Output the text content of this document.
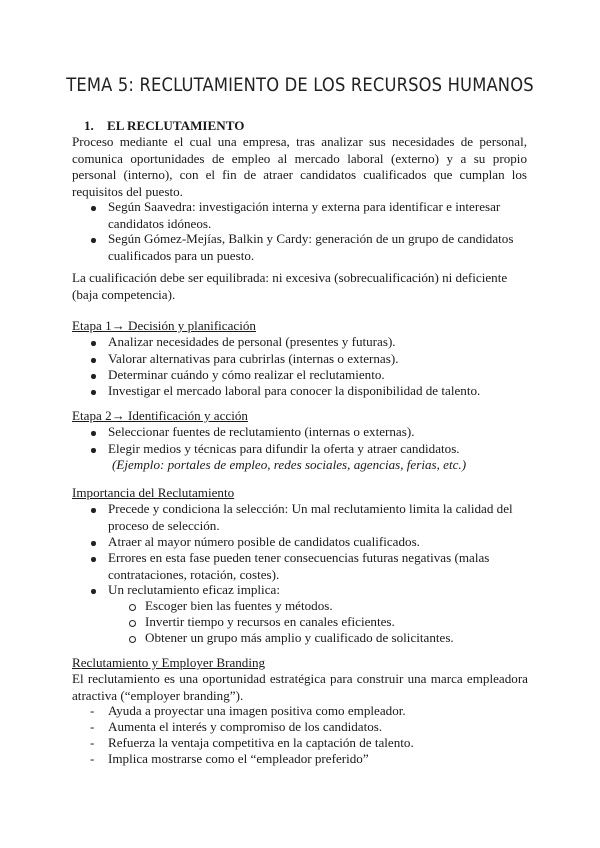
TEMA 5: RECLUTAMIENTO DE LOS RECURSOS HUMANOS
1. EL RECLUTAMIENTO
Proceso mediante el cual una empresa, tras analizar sus necesidades de personal, comunica oportunidades de empleo al mercado laboral (externo) y a su propio personal (interno), con el fin de atraer candidatos cualificados que cumplan los requisitos del puesto.
Según Saavedra: investigación interna y externa para identificar e interesar candidatos idóneos.
Según Gómez-Mejías, Balkin y Cardy: generación de un grupo de candidatos cualificados para un puesto.
La cualificación debe ser equilibrada: ni excesiva (sobrecualificación) ni deficiente (baja competencia).
Etapa 1→ Decisión y planificación
Analizar necesidades de personal (presentes y futuras).
Valorar alternativas para cubrirlas (internas o externas).
Determinar cuándo y cómo realizar el reclutamiento.
Investigar el mercado laboral para conocer la disponibilidad de talento.
Etapa 2→ Identificación y acción
Seleccionar fuentes de reclutamiento (internas o externas).
Elegir medios y técnicas para difundir la oferta y atraer candidatos.
(Ejemplo: portales de empleo, redes sociales, agencias, ferias, etc.)
Importancia del Reclutamiento
Precede y condiciona la selección: Un mal reclutamiento limita la calidad del proceso de selección.
Atraer al mayor número posible de candidatos cualificados.
Errores en esta fase pueden tener consecuencias futuras negativas (malas contrataciones, rotación, costes).
Un reclutamiento eficaz implica:
Escoger bien las fuentes y métodos.
Invertir tiempo y recursos en canales eficientes.
Obtener un grupo más amplio y cualificado de solicitantes.
Reclutamiento y Employer Branding
El reclutamiento es una oportunidad estratégica para construir una marca empleadora atractiva (“employer branding”).
- Ayuda a proyectar una imagen positiva como empleador.
- Aumenta el interés y compromiso de los candidatos.
- Refuerza la ventaja competitiva en la captación de talento.
- Implica mostrarse como el “empleador preferido”
